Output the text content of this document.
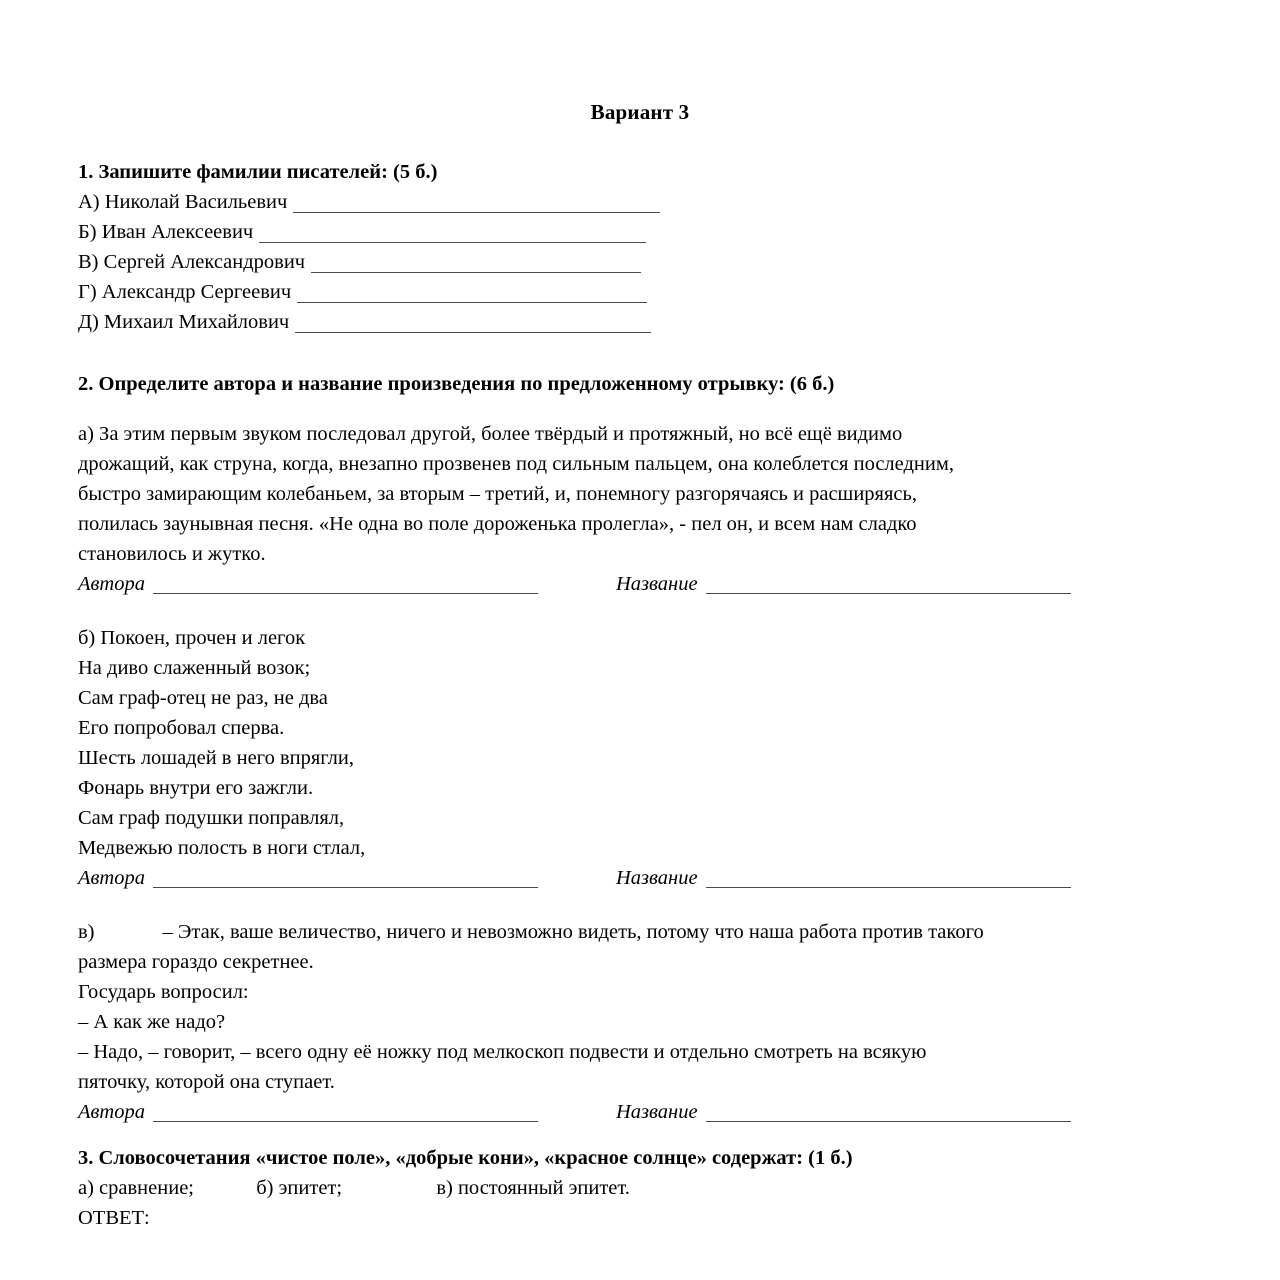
Вариант 3
1. Запишите фамилии писателей: (5 б.)
А) Николай Васильевич
Б) Иван Алексеевич
В) Сергей Александрович
Г) Александр Сергеевич
Д) Михаил Михайлович
2. Определите автора и название произведения по предложенному отрывку: (6 б.)
а) За этим первым звуком последовал другой, более твёрдый и протяжный, но всё ещё видимо
дрожащий, как струна, когда, внезапно прозвенев под сильным пальцем, она колеблется последним,
быстро замирающим колебаньем, за вторым – третий, и, понемногу разгорячаясь и расширяясь,
полилась заунывная песня. «Не одна во поле дороженька пролегла», - пел он, и всем нам сладко
становилось и жутко.
Автора	Название
б) Покоен, прочен и легок
На диво слаженный возок;
Сам граф-отец не раз, не два
Его попробовал сперва.
Шесть лошадей в него впрягли,
Фонарь внутри его зажгли.
Сам граф подушки поправлял,
Медвежью полость в ноги стлал,
Автора	Название
в)	– Этак, ваше величество, ничего и невозможно видеть, потому что наша работа против такого
размера гораздо секретнее.
Государь вопросил:
– А как же надо?
– Надо, – говорит, – всего одну её ножку под мелкоскоп подвести и отдельно смотреть на всякую
пяточку, которой она ступает.
Автора	Название
3. Словосочетания «чистое поле», «добрые кони», «красное солнце» содержат: (1 б.)
а) сравнение;	б) эпитет;	в) постоянный эпитет.
ОТВЕТ:
